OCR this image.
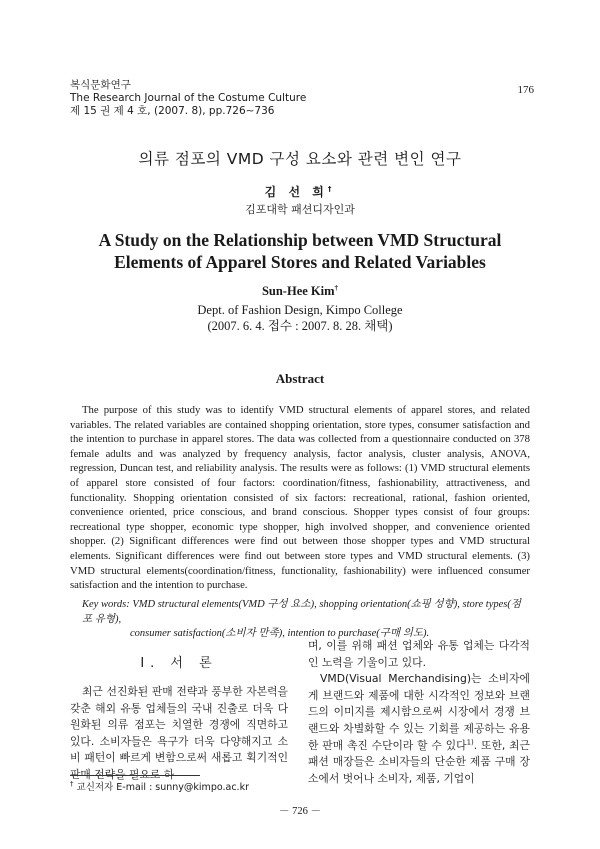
복식문화연구
The Research Journal of the Costume Culture
제 15 권 제 4 호, (2007. 8), pp.726∼736
176
의류 점포의 VMD 구성 요소와 관련 변인 연구
김 선 희†
김포대학 패션디자인과
A Study on the Relationship between VMD Structural
Elements of Apparel Stores and Related Variables
Sun-Hee Kim†
Dept. of Fashion Design, Kimpo College
(2007. 6. 4. 접수 : 2007. 8. 28. 채택)
Abstract
The purpose of this study was to identify VMD structural elements of apparel stores, and related variables. The related variables are contained shopping orientation, store types, consumer satisfaction and the intention to purchase in apparel stores. The data was collected from a questionnaire conducted on 378 female adults and was analyzed by frequency analysis, factor analysis, cluster analysis, ANOVA, regression, Duncan test, and reliability analysis. The results were as follows: (1) VMD structural elements of apparel store consisted of four factors: coordination/fitness, fashionability, attractiveness, and functionality. Shopping orientation consisted of six factors: recreational, rational, fashion oriented, convenience oriented, price conscious, and brand conscious. Shopper types consist of four groups: recreational type shopper, economic type shopper, high involved shopper, and convenience oriented shopper. (2) Significant differences were find out between those shopper types and VMD structural elements. Significant differences were find out between store types and VMD structural elements. (3) VMD structural elements(coordination/fitness, functionality, fashionability) were influenced consumer satisfaction and the intention to purchase.
Key words: VMD structural elements(VMD 구성 요소), shopping orientation(쇼핑 성향), store types(점포 유형),
consumer satisfaction(소비자 만족), intention to purchase(구매 의도).
I. 서 론
최근 선진화된 판매 전략과 풍부한 자본력을 갖춘 해외 유통 업체들의 국내 진출로 더욱 다원화된 의류 점포는 치열한 경쟁에 직면하고 있다. 소비자들은 욕구가 더욱 다양해지고 소비 패턴이 빠르게 변함으로써 새롭고 획기적인 판매 전략을 필요로 하

며, 이를 위해 패션 업체와 유통 업체는 다각적인 노력을 기울이고 있다.

VMD(Visual Merchandising)는 소비자에게 브랜드와 제품에 대한 시각적인 정보와 브랜드의 이미지를 제시함으로써 시장에서 경쟁 브랜드와 차별화할 수 있는 기회를 제공하는 유용한 판매 촉진 수단이라 할 수 있다$^{1)}$. 또한, 최근 패션 매장들은 소비자들의 단순한 제품 구매 장소에서 벗어나 소비자, 제품, 기업이

† 교신저자 E-mail : sunny@kimpo.ac.kr
－ 726 －
